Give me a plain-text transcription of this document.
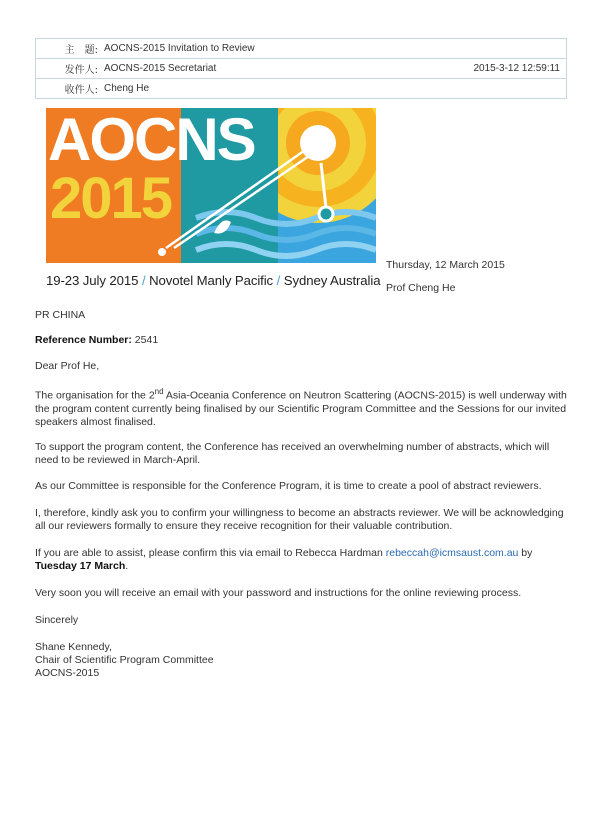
主　题: AOCNS-2015 Invitation to Review
发件人: AOCNS-2015 Secretariat	2015-3-12 12:59:11
收件人: Cheng He
AOCNS
2015
19-23 July 2015 / Novotel Manly Pacific / Sydney Australia
Thursday, 12 March 2015
Prof Cheng He

PR CHINA

Reference Number: 2541

Dear Prof He,

The organisation for the 2nd Asia-Oceania Conference on Neutron Scattering (AOCNS-2015) is well underway with the program content currently being finalised by our Scientific Program Committee and the Sessions for our invited speakers almost finalised.

To support the program content, the Conference has received an overwhelming number of abstracts, which will need to be reviewed in March-April.

As our Committee is responsible for the Conference Program, it is time to create a pool of abstract reviewers.

I, therefore, kindly ask you to confirm your willingness to become an abstracts reviewer. We will be acknowledging all our reviewers formally to ensure they receive recognition for their valuable contribution.

If you are able to assist, please confirm this via email to Rebecca Hardman rebeccah@icmsaust.com.au by Tuesday 17 March.

Very soon you will receive an email with your password and instructions for the online reviewing process.

Sincerely

Shane Kennedy,

Chair of Scientific Program Committee

AOCNS-2015
